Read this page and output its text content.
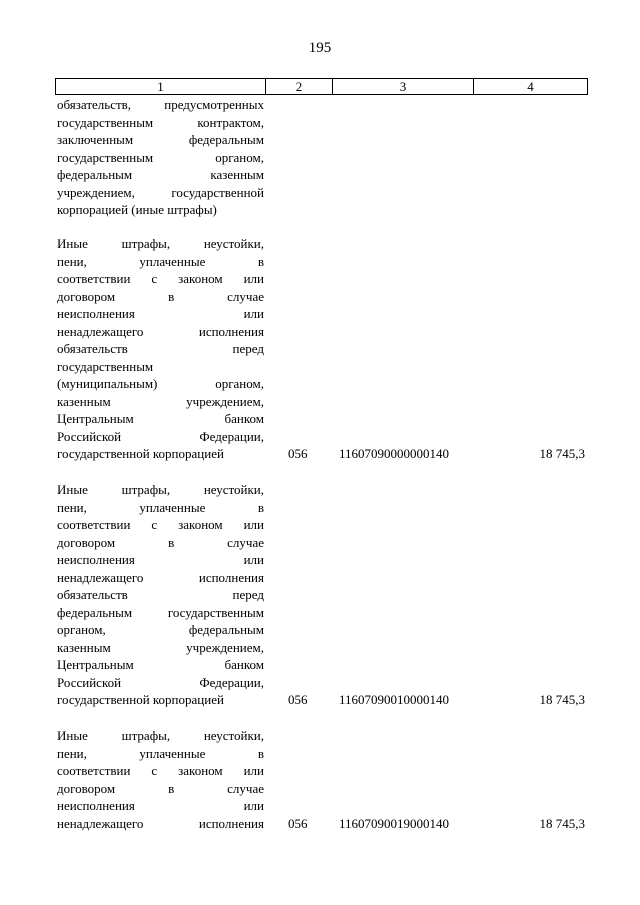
195
1	2	3	4
обязательств, предусмотренных
государственным контрактом,
заключенным федеральным
государственным органом,
федеральным казенным
учреждением, государственной
корпорацией (иные штрафы)
Иные штрафы, неустойки,
пени, уплаченные в
соответствии с законом или
договором в случае
неисполнения или
ненадлежащего исполнения
обязательств перед
государственным
(муниципальным) органом,
казенным учреждением,
Центральным банком
Российской Федерации,
государственной корпорацией	056 11607090000000140	18 745,3
Иные штрафы, неустойки,
пени, уплаченные в
соответствии с законом или
договором в случае
неисполнения или
ненадлежащего исполнения
обязательств перед
федеральным государственным
органом, федеральным
казенным учреждением,
Центральным банком
Российской Федерации,
государственной корпорацией	056 11607090010000140	18 745,3
Иные штрафы, неустойки,
пени, уплаченные в
соответствии с законом или
договором в случае
неисполнения или
ненадлежащего исполнения 056 11607090019000140	18 745,3
